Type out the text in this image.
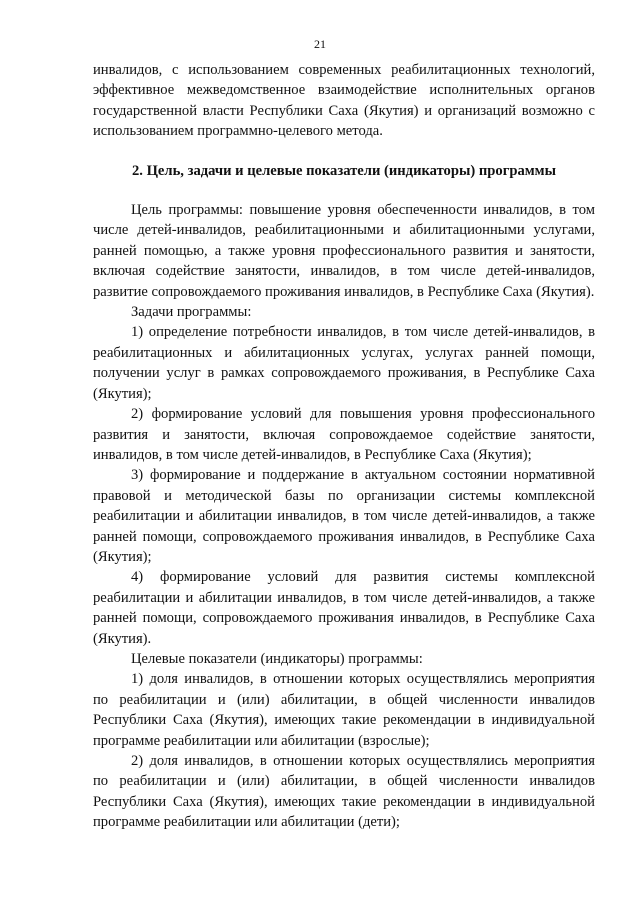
21

инвалидов, с использованием современных реабилитационных технологий, эффективное межведомственное взаимодействие исполнительных органов государственной власти Республики Саха (Якутия) и организаций возможно с использованием программно-целевого метода.

2. Цель, задачи и целевые показатели (индикаторы) программы

Цель программы: повышение уровня обеспеченности инвалидов, в том числе детей-инвалидов, реабилитационными и абилитационными услугами, ранней помощью, а также уровня профессионального развития и занятости, включая содействие занятости, инвалидов, в том числе детей-инвалидов, развитие сопровождаемого проживания инвалидов, в Республике Саха (Якутия).

Задачи программы:

1) определение потребности инвалидов, в том числе детей-инвалидов, в реабилитационных и абилитационных услугах, услугах ранней помощи, получении услуг в рамках сопровождаемого проживания, в Республике Саха (Якутия);

2) формирование условий для повышения уровня профессионального развития и занятости, включая сопровождаемое содействие занятости, инвалидов, в том числе детей-инвалидов, в Республике Саха (Якутия);

3) формирование и поддержание в актуальном состоянии нормативной правовой и методической базы по организации системы комплексной реабилитации и абилитации инвалидов, в том числе детей-инвалидов, а также ранней помощи, сопровождаемого проживания инвалидов, в Республике Саха (Якутия);

4) формирование условий для развития системы комплексной реабилитации и абилитации инвалидов, в том числе детей-инвалидов, а также ранней помощи, сопровождаемого проживания инвалидов, в Республике Саха (Якутия).

Целевые показатели (индикаторы) программы:

1) доля инвалидов, в отношении которых осуществлялись мероприятия по реабилитации и (или) абилитации, в общей численности инвалидов Республики Саха (Якутия), имеющих такие рекомендации в индивидуальной программе реабилитации или абилитации (взрослые);

2) доля инвалидов, в отношении которых осуществлялись мероприятия по реабилитации и (или) абилитации, в общей численности инвалидов Республики Саха (Якутия), имеющих такие рекомендации в индивидуальной программе реабилитации или абилитации (дети);
